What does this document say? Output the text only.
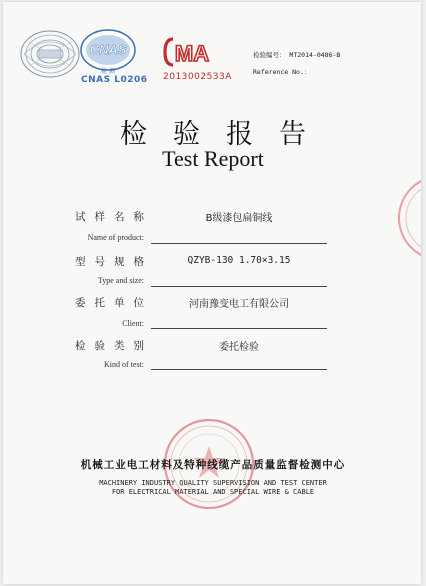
CNAS
检 测
CNAS L0206
MA
2013002533A
检验编号： MT2014-0486-B
Reference No.：
检验报告
Test Report
试样名称	B级漆包扁铜线
Name of product:
型号规格	QZYB-130 1.70×3.15
Type and size:
委托单位	河南豫变电工有限公司
Client:
检验类别	委托检验
Kind of test:
机械工业电工材料及特种线缆产品质量监督检测中心
MACHINERY INDUSTRY QUALITY SUPERVISION AND TEST CENTER
FOR ELECTRICAL MATERIAL AND SPECIAL WIRE & CABLE
